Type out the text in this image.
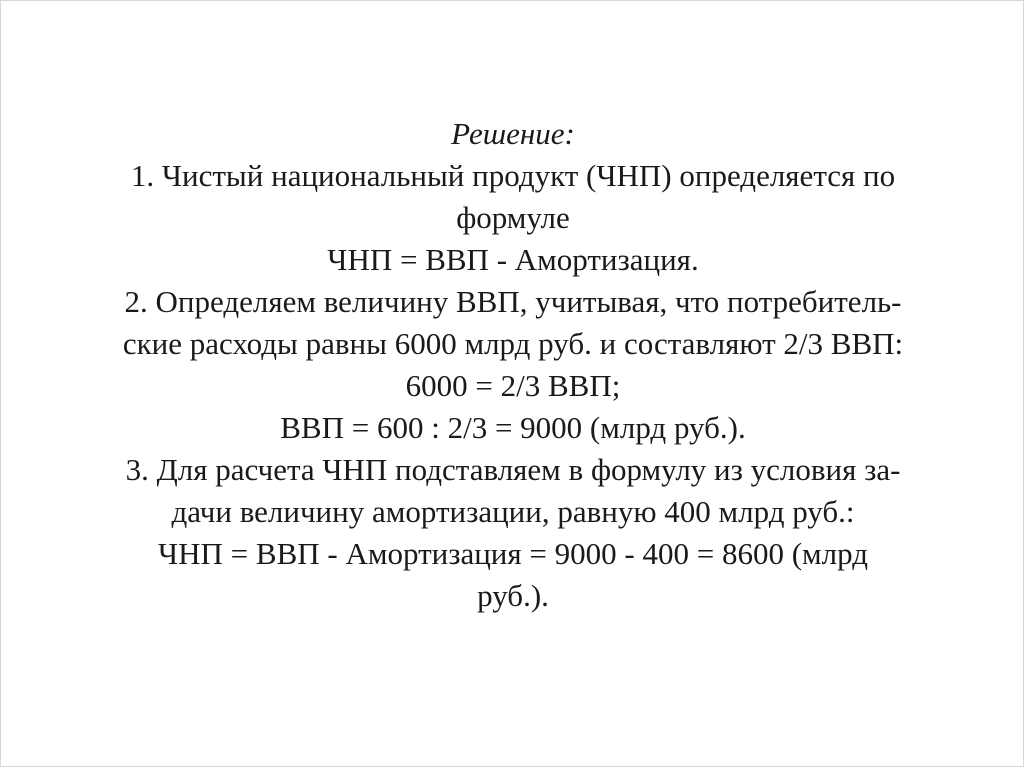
Решение:
1. Чистый национальный продукт (ЧНП) определяется по
формуле
ЧНП = ВВП - Амортизация.
2. Определяем величину ВВП, учитывая, что потребитель-
ские расходы равны 6000 млрд руб. и составляют 2/3 ВВП:
6000 = 2/3 ВВП;
ВВП = 600 : 2/3 = 9000 (млрд руб.).
3. Для расчета ЧНП подставляем в формулу из условия за-
дачи величину амортизации, равную 400 млрд руб.:
ЧНП = ВВП - Амортизация = 9000 - 400 = 8600 (млрд
руб.).
